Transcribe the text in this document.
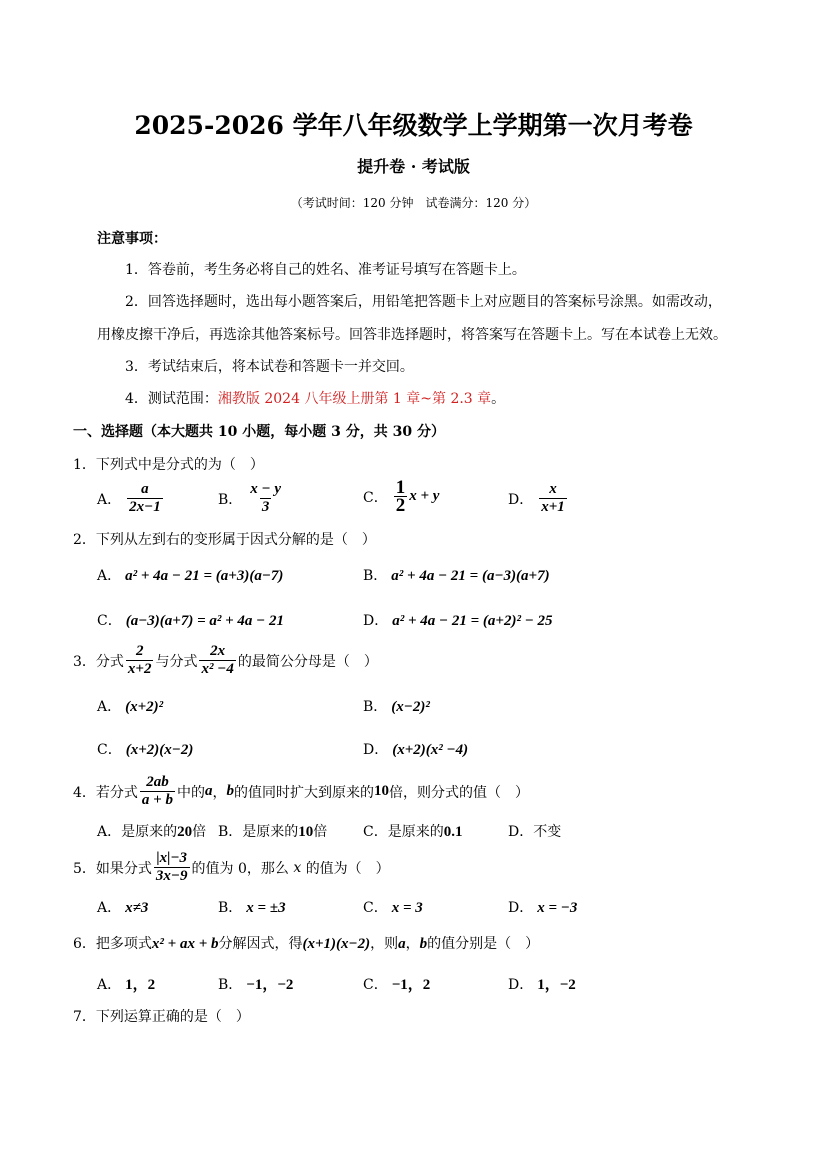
2025-2026 学年八年级数学上学期第一次月考卷
提升卷 · 考试版
（考试时间：120 分钟　试卷满分：120 分）
注意事项：
1．答卷前，考生务必将自己的姓名、准考证号填写在答题卡上。
2．回答选择题时，选出每小题答案后，用铅笔把答题卡上对应题目的答案标号涂黑。如需改动，
用橡皮擦干净后，再选涂其他答案标号。回答非选择题时，将答案写在答题卡上。写在本试卷上无效。
3．考试结束后，将本试卷和答题卡一并交回。
4．测试范围：湘教版 2024 八年级上册第 1 章~第 2.3 章。
一、选择题（本大题共 10 小题，每小题 3 分，共 30 分）
1．下列式中是分式的为（　）
A． $\frac{a}{2x-1}$	B． $\frac{x - y}{3}$	C． $\frac{1}{2}$ x + y	D． $\frac{x}{x+1}$
2．下列从左到右的变形属于因式分解的是（　）
A． a² + 4a − 21 = (a+3)(a−7)	B． a² + 4a − 21 = (a−3)(a+7)
C． (a−3)(a+7) = a² + 4a − 21	D． a² + 4a − 21 = (a+2)² − 25
3．分式 $\frac{2}{x+2}$ 与分式 $\frac{2x}{\text{x² −4}}$ 的最简公分母是（　）
A． (x+2)²	B． (x−2)²
C． (x+2)(x−2)	D． (x+2)(x² −4)
4．若分式 $\frac{2ab}{a + b}$ 中的 a ， b 的值同时扩大到原来的 10 倍，则分式的值（　）
A．是原来的20倍 B．是原来的10倍	C．是原来的0.1	D．不变
5．如果分式 $\frac{|x|-3}{3x-9}$ 的值为 0，那么
x
的值为（　）
A． x≠3	B． x = ±3	C． x = 3	D． x = −3
6．把多项式x² + ax + b分解因式，得(x+1)(x−2)，则a，b的值分别是（　）
A． 1，2	B． −1，−2	C． −1，2	D． 1，−2
7．下列运算正确的是（　）
